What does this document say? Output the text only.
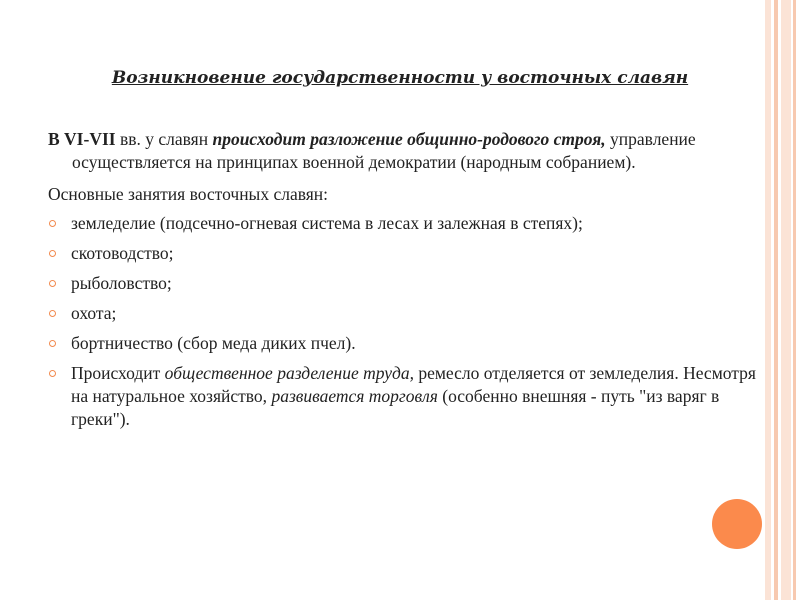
Возникновение государственности у восточных славян

В VI-VII вв. у славян происходит разложение общинно-родового строя, управление осуществляется на принципах военной демократии (народным собранием).

Основные занятия восточных славян:

земледелие (подсечно-огневая система в лесах и залежная в степях);
скотоводство;
рыболовство;
охота;
бортничество (сбор меда диких пчел).
Происходит общественное разделение труда, ремесло отделяется от земледелия. Несмотря на натуральное хозяйство, развивается торговля (особенно внешняя - путь "из варяг в греки").
